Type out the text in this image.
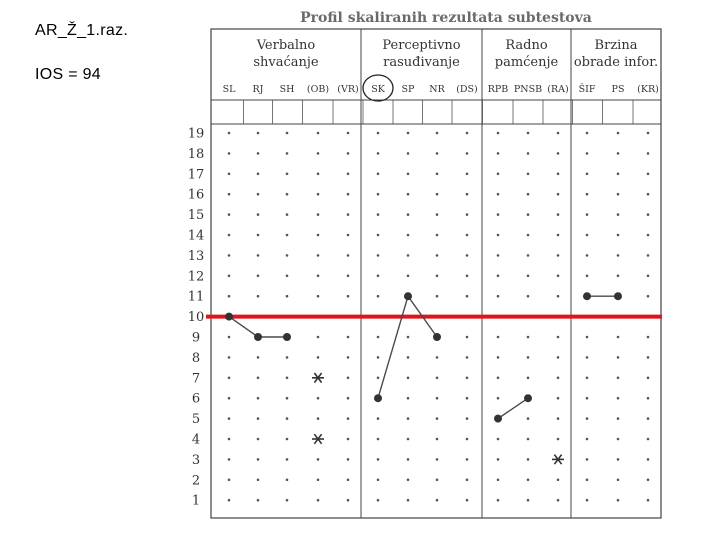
AR_Ž_1.raz.
IOS = 94
Profil skaliranih rezultata subtestova
Verbalno
shvaćanje
Perceptivno
rasuđivanje
Radno
pamćenje
Brzina
obrade infor.
SL RJ SH (OB) (VR) SK SP NR (DS) RPB PNSB (RA) ŠIF PS (KR)
1
2
3
4
5
6
7
8
9
10
11
12
13
14
15
16
17
18
19
